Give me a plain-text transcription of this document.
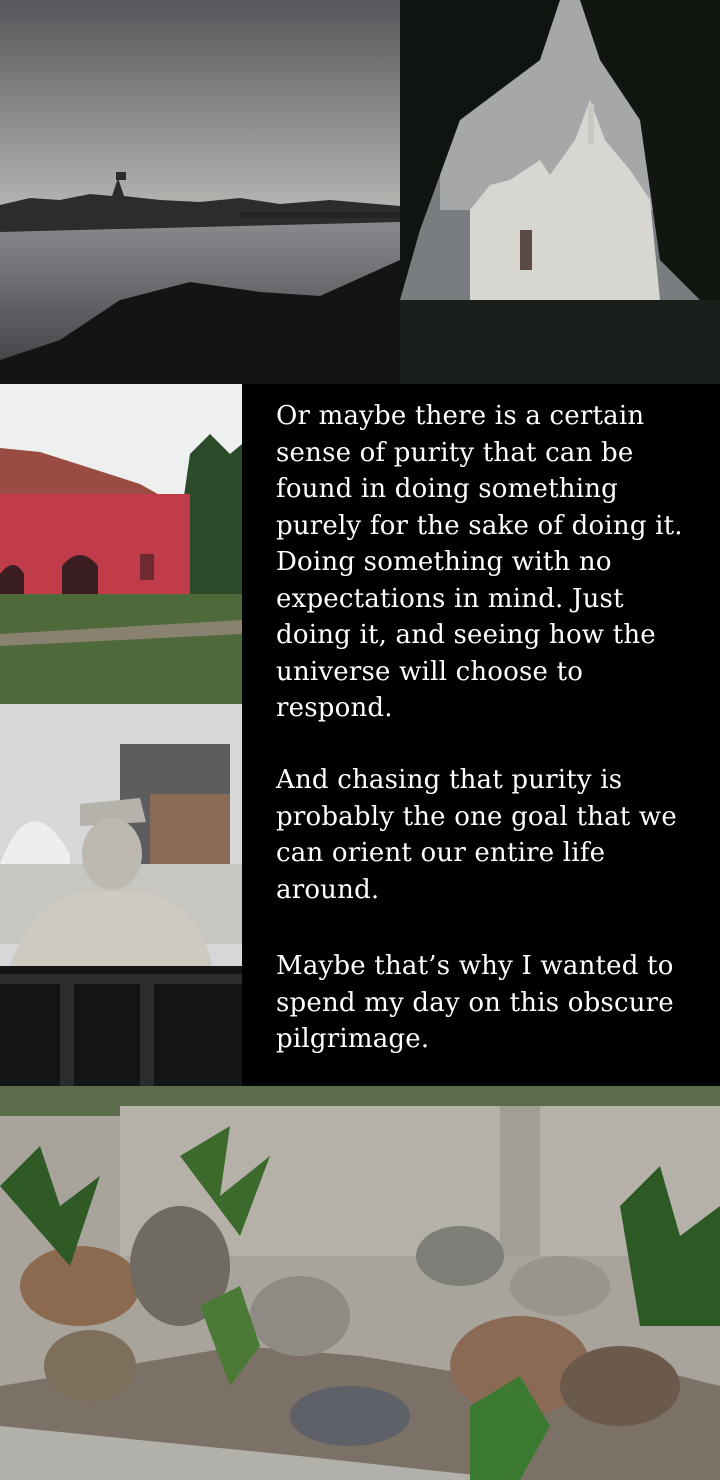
Or maybe there is a certain sense of purity that can be found in doing something purely for the sake of doing it. Doing something with no expectations in mind. Just doing it, and seeing how the universe will choose to respond.

And chasing that purity is probably the one goal that we can orient our entire life around.

Maybe that’s why I wanted to spend my day on this obscure pilgrimage.
